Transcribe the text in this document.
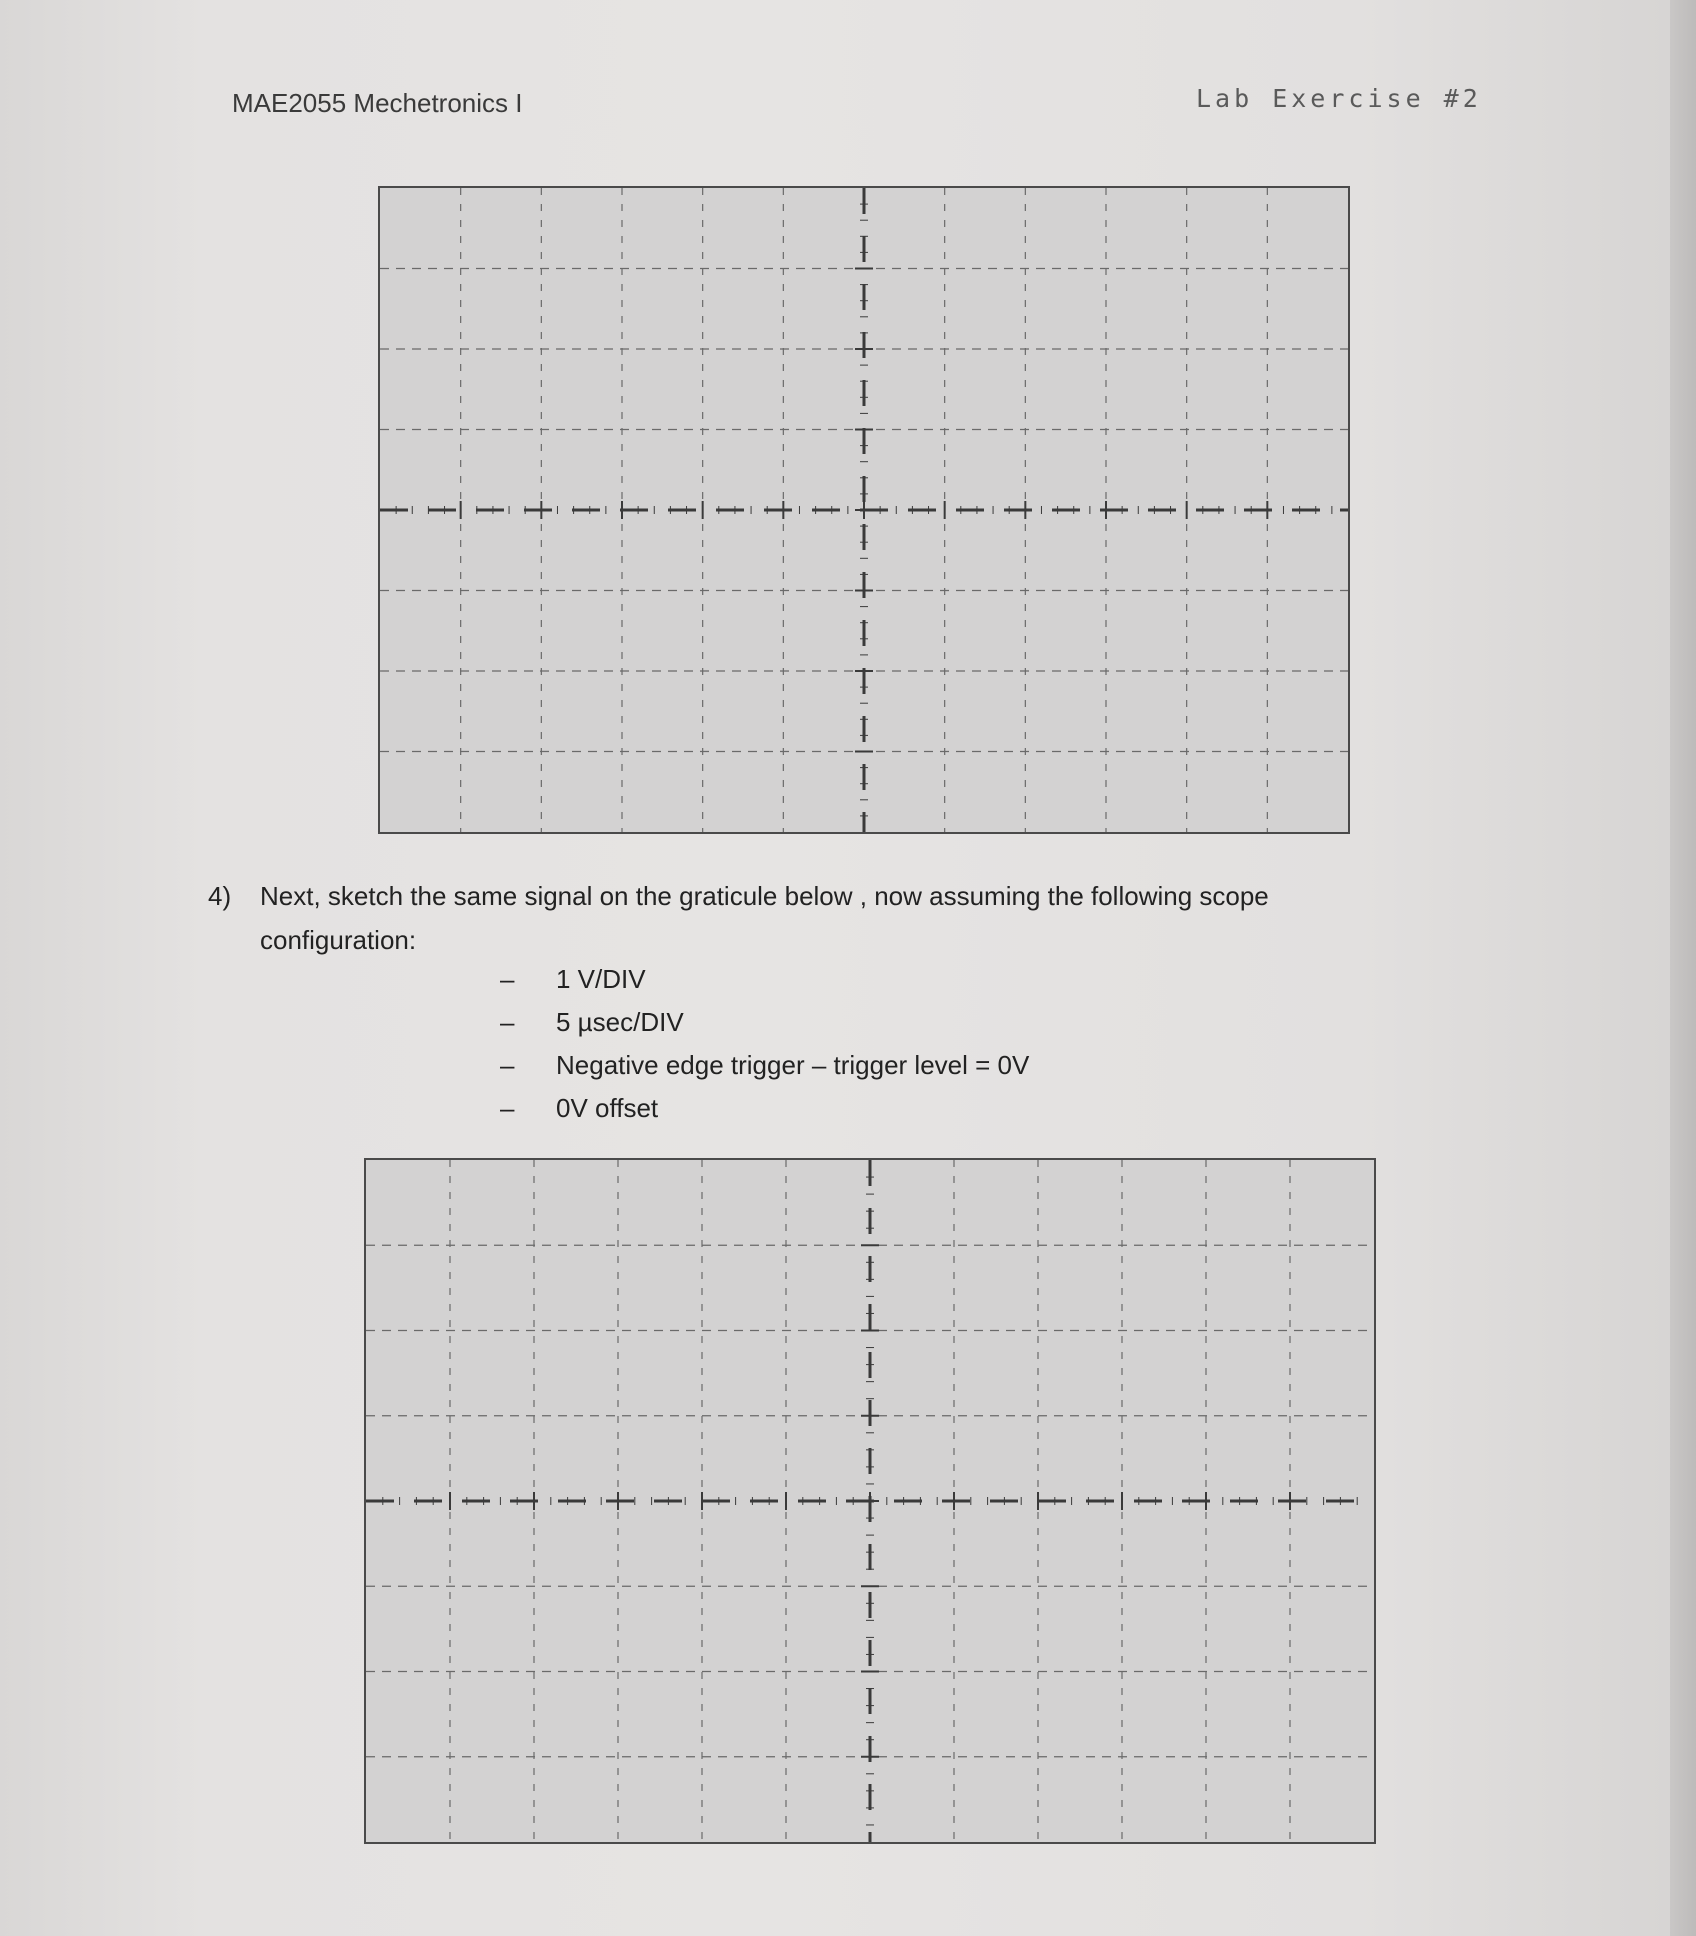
MAE2055 Mechetronics I	Lab Exercise #2
4) Next, sketch the same signal on the graticule below , now assuming the following scope configuration:
– 1 V/DIV
– 5 µsec/DIV
– Negative edge trigger – trigger level = 0V
– 0V offset
